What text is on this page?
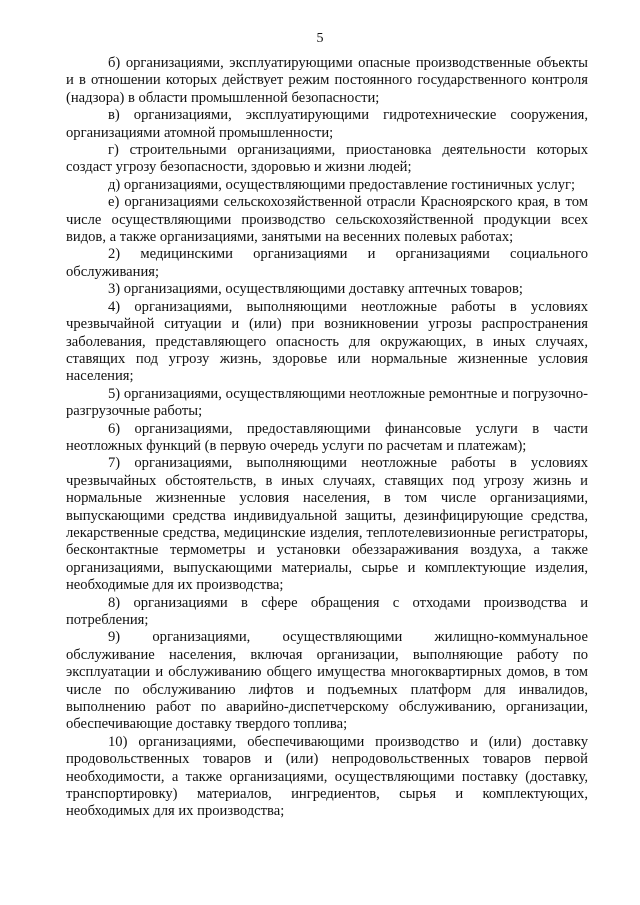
5

б) организациями, эксплуатирующими опасные производственные объекты и в отношении которых действует режим постоянного государственного контроля (надзора) в области промышленной безопасности;

в) организациями, эксплуатирующими гидротехнические сооружения, организациями атомной промышленности;

г) строительными организациями, приостановка деятельности которых создаст угрозу безопасности, здоровью и жизни людей;

д) организациями, осуществляющими предоставление гостиничных услуг;

е) организациями сельскохозяйственной отрасли Красноярского края, в том числе осуществляющими производство сельскохозяйственной продукции всех видов, а также организациями, занятыми на весенних полевых работах;

2) медицинскими организациями и организациями социального обслуживания;

3) организациями, осуществляющими доставку аптечных товаров;

4) организациями, выполняющими неотложные работы в условиях чрезвычайной ситуации и (или) при возникновении угрозы распространения заболевания, представляющего опасность для окружающих, в иных случаях, ставящих под угрозу жизнь, здоровье или нормальные жизненные условия населения;

5) организациями, осуществляющими неотложные ремонтные и погрузочно-разгрузочные работы;

6) организациями, предоставляющими финансовые услуги в части неотложных функций (в первую очередь услуги по расчетам и платежам);

7) организациями, выполняющими неотложные работы в условиях чрезвычайных обстоятельств, в иных случаях, ставящих под угрозу жизнь и нормальные жизненные условия населения, в том числе организациями, выпускающими средства индивидуальной защиты, дезинфицирующие средства, лекарственные средства, медицинские изделия, теплотелевизионные регистраторы, бесконтактные термометры и установки обеззараживания воздуха, а также организациями, выпускающими материалы, сырье и комплектующие изделия, необходимые для их производства;

8) организациями в сфере обращения с отходами производства и потребления;

9) организациями, осуществляющими жилищно-коммунальное обслуживание населения, включая организации, выполняющие работу по эксплуатации и обслуживанию общего имущества многоквартирных домов, в том числе по обслуживанию лифтов и подъемных платформ для инвалидов, выполнению работ по аварийно-диспетчерскому обслуживанию, организации, обеспечивающие доставку твердого топлива;

10) организациями, обеспечивающими производство и (или) доставку продовольственных товаров и (или) непродовольственных товаров первой необходимости, а также организациями, осуществляющими поставку (доставку, транспортировку) материалов, ингредиентов, сырья и комплектующих, необходимых для их производства;
